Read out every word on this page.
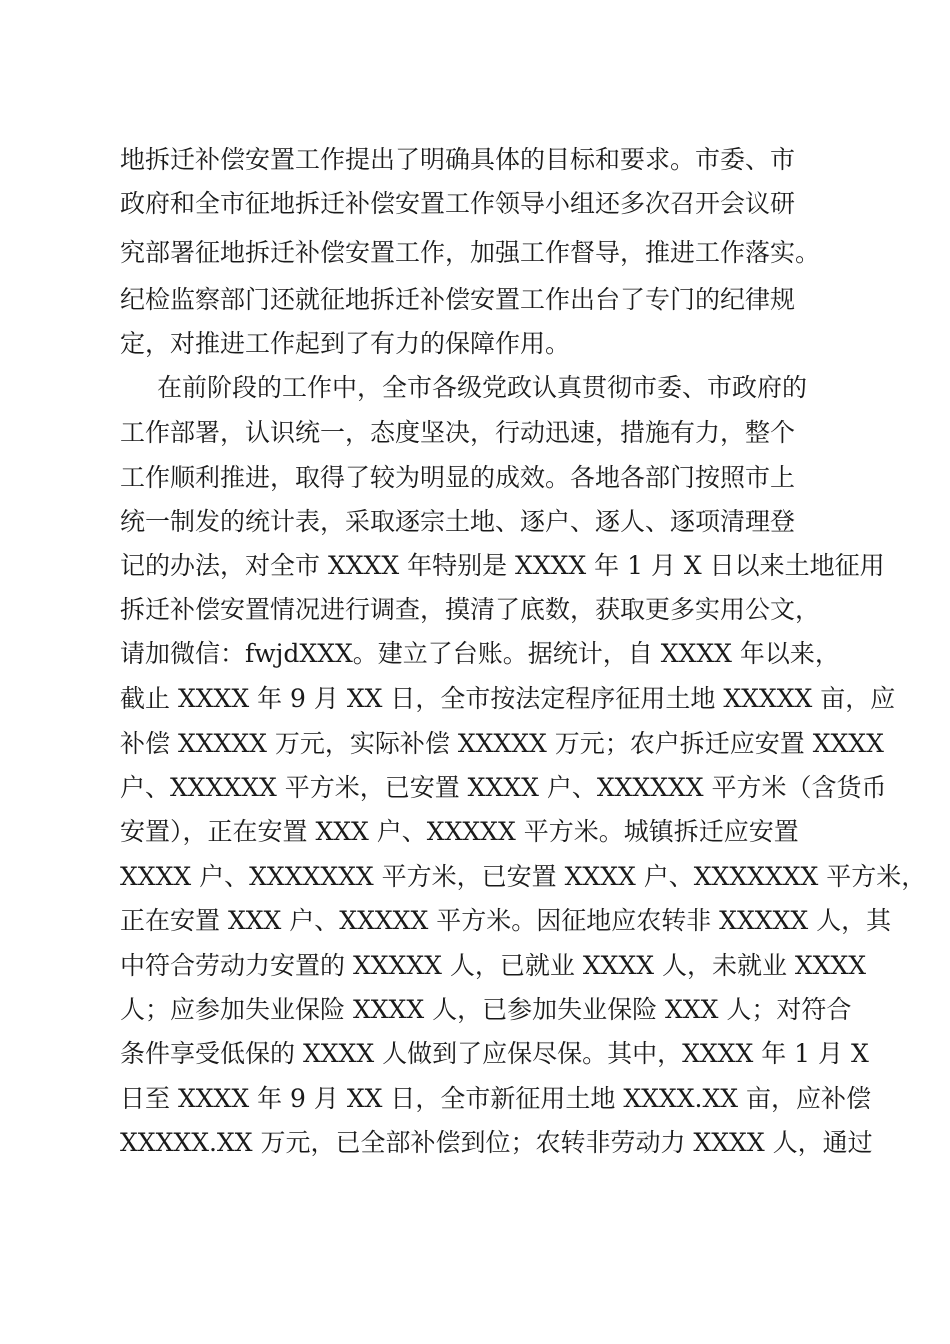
地拆迁补偿安置工作提出了明确具体的目标和要求。市委、市
政府和全市征地拆迁补偿安置工作领导小组还多次召开会议研
究部署征地拆迁补偿安置工作，加强工作督导，推进工作落实。
纪检监察部门还就征地拆迁补偿安置工作出台了专门的纪律规
定，对推进工作起到了有力的保障作用。
在前阶段的工作中，全市各级党政认真贯彻市委、市政府的
工作部署，认识统一，态度坚决，行动迅速，措施有力，整个
工作顺利推进，取得了较为明显的成效。各地各部门按照市上
统一制发的统计表，采取逐宗土地、逐户、逐人、逐项清理登
记的办法，对全市 XXXX 年特别是 XXXX 年 1 月 X 日以来土地征用
拆迁补偿安置情况进行调查，摸清了底数，获取更多实用公文，
请加微信：fwjdXXX。建立了台账。据统计，自 XXXX 年以来，
截止 XXXX 年 9 月 XX 日，全市按法定程序征用土地 XXXXX 亩，应
补偿 XXXXX 万元，实际补偿 XXXXX 万元；农户拆迁应安置 XXXX
户、XXXXXX 平方米，已安置 XXXX 户、XXXXXX 平方米（含货币
安置），正在安置 XXX 户、XXXXX 平方米。城镇拆迁应安置
XXXX 户、XXXXXXX 平方米，已安置 XXXX 户、XXXXXXX 平方米，
正在安置 XXX 户、XXXXX 平方米。因征地应农转非 XXXXX 人，其
中符合劳动力安置的 XXXXX 人，已就业 XXXX 人，未就业 XXXX
人；应参加失业保险 XXXX 人，已参加失业保险 XXX 人；对符合
条件享受低保的 XXXX 人做到了应保尽保。其中，XXXX 年 1 月 X
日至 XXXX 年 9 月 XX 日，全市新征用土地 XXXX.XX 亩，应补偿
XXXXX.XX 万元，已全部补偿到位；农转非劳动力 XXXX 人，通过
